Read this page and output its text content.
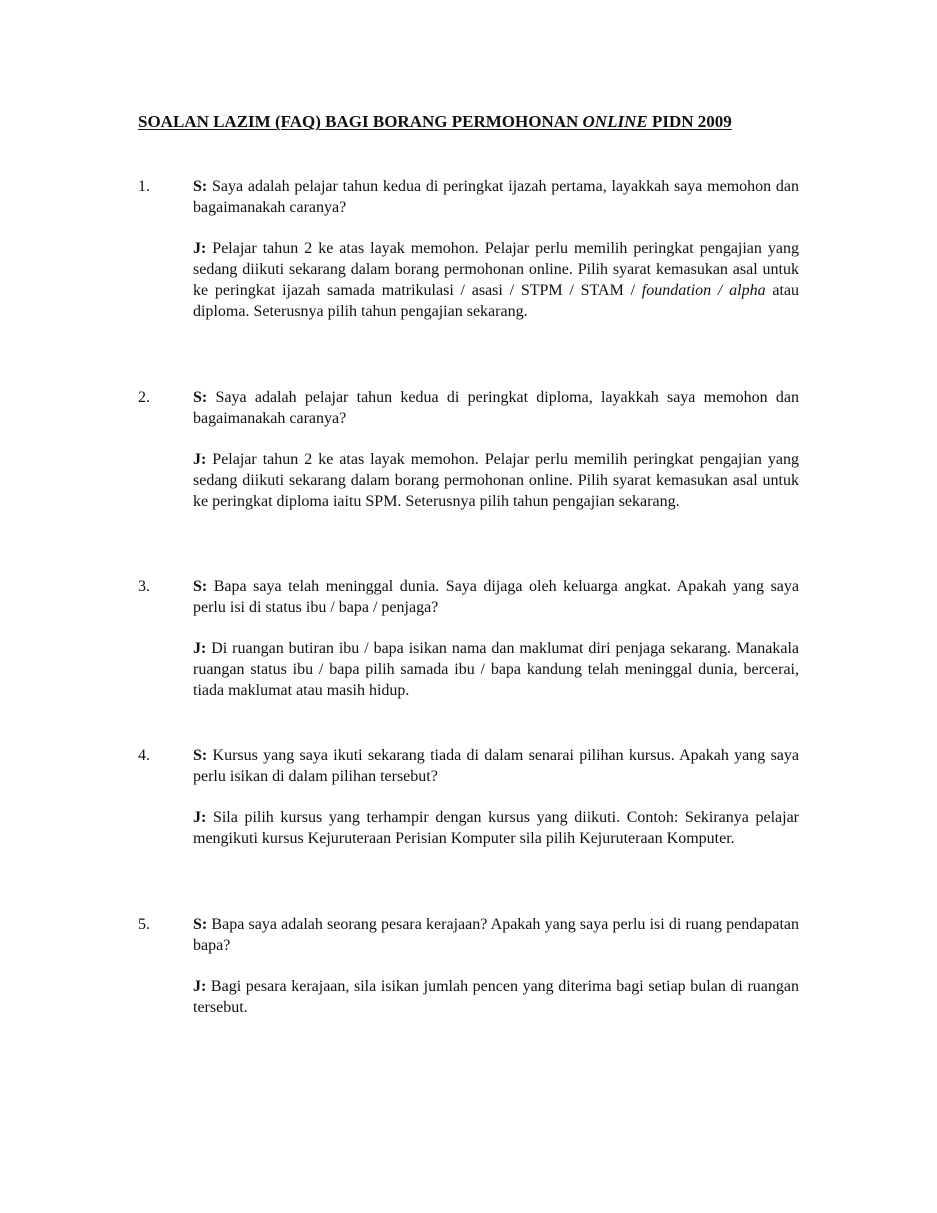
SOALAN LAZIM (FAQ) BAGI BORANG PERMOHONAN ONLINE PIDN 2009
1.	S: Saya adalah pelajar tahun kedua di peringkat ijazah pertama, layakkah saya memohon dan bagaimanakah caranya?
J: Pelajar tahun 2 ke atas layak memohon. Pelajar perlu memilih peringkat pengajian yang sedang diikuti sekarang dalam borang permohonan online. Pilih syarat kemasukan asal untuk ke peringkat ijazah samada matrikulasi / asasi / STPM / STAM / foundation / alpha atau diploma. Seterusnya pilih tahun pengajian sekarang.
2.	S: Saya adalah pelajar tahun kedua di peringkat diploma, layakkah saya memohon dan bagaimanakah caranya?
J: Pelajar tahun 2 ke atas layak memohon. Pelajar perlu memilih peringkat pengajian yang sedang diikuti sekarang dalam borang permohonan online. Pilih syarat kemasukan asal untuk ke peringkat diploma iaitu SPM. Seterusnya pilih tahun pengajian sekarang.
3.	S: Bapa saya telah meninggal dunia. Saya dijaga oleh keluarga angkat. Apakah yang saya perlu isi di status ibu / bapa / penjaga?
J: Di ruangan butiran ibu / bapa isikan nama dan maklumat diri penjaga sekarang. Manakala ruangan status ibu / bapa pilih samada ibu / bapa kandung telah meninggal dunia, bercerai, tiada maklumat atau masih hidup.
4.	S: Kursus yang saya ikuti sekarang tiada di dalam senarai pilihan kursus. Apakah yang saya perlu isikan di dalam pilihan tersebut?
J: Sila pilih kursus yang terhampir dengan kursus yang diikuti. Contoh: Sekiranya pelajar mengikuti kursus Kejuruteraan Perisian Komputer sila pilih Kejuruteraan Komputer.
5.	S: Bapa saya adalah seorang pesara kerajaan? Apakah yang saya perlu isi di ruang pendapatan bapa?
J: Bagi pesara kerajaan, sila isikan jumlah pencen yang diterima bagi setiap bulan di ruangan tersebut.
